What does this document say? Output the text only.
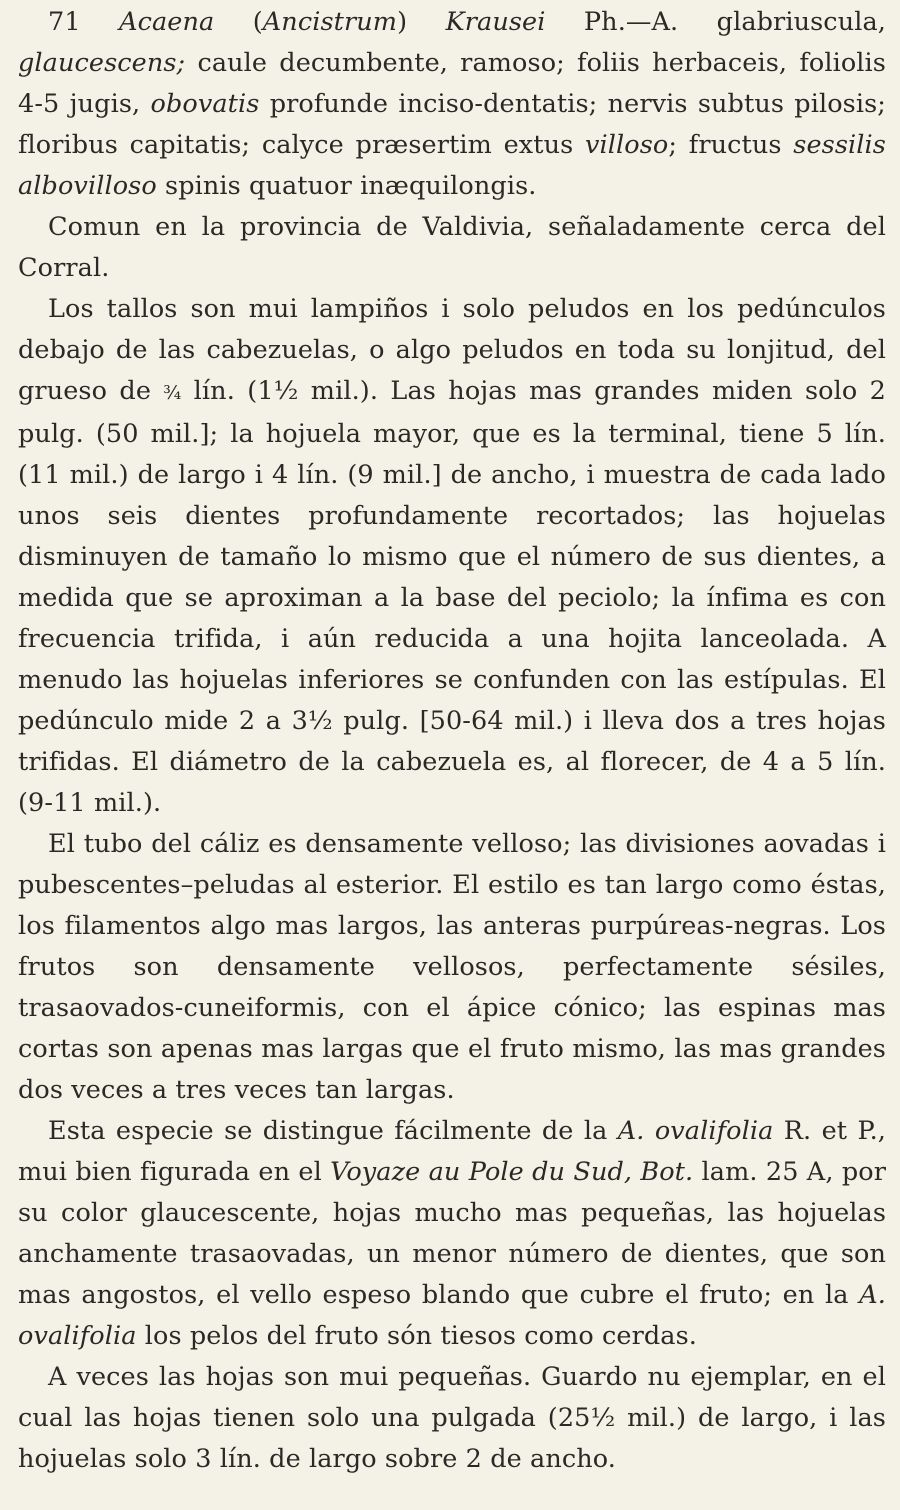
71 Acaena (Ancistrum) Krausei Ph.—A. glabriuscula, glaucescens; caule decumbente, ramoso; foliis herbaceis, foliolis 4-5 jugis, obovatis profunde inciso-dentatis; nervis subtus pilosis; floribus capitatis; calyce præsertim extus villoso; fructus sessilis albovilloso spinis quatuor inæquilongis.

Comun en la provincia de Valdivia, señaladamente cerca del Corral.

Los tallos son mui lampiños i solo peludos en los pedúnculos debajo de las cabezuelas, o algo peludos en toda su lonjitud, del grueso de ¾ lín. (1½ mil.). Las hojas mas grandes miden solo 2 pulg. (50 mil.]; la hojuela mayor, que es la terminal, tiene 5 lín. (11 mil.) de largo i 4 lín. (9 mil.] de ancho, i muestra de cada lado unos seis dientes profundamente recortados; las hojuelas disminuyen de tamaño lo mismo que el número de sus dientes, a medida que se aproximan a la base del peciolo; la ínfima es con frecuencia trifida, i aún reducida a una hojita lanceolada. A menudo las hojuelas inferiores se confunden con las estípulas. El pedúnculo mide 2 a 3½ pulg. [50-64 mil.) i lleva dos a tres hojas trifidas. El diámetro de la cabezuela es, al florecer, de 4 a 5 lín. (9-11 mil.).

El tubo del cáliz es densamente velloso; las divisiones aovadas i pubescentes–peludas al esterior. El estilo es tan largo como éstas, los filamentos algo mas largos, las anteras purpúreas-negras. Los frutos son densamente vellosos, perfectamente sésiles, trasaovados-cuneiformis, con el ápice cónico; las espinas mas cortas son apenas mas largas que el fruto mismo, las mas grandes dos veces a tres veces tan largas.

Esta especie se distingue fácilmente de la A. ovalifolia R. et P., mui bien figurada en el Voyaze au Pole du Sud, Bot. lam. 25 A, por su color glaucescente, hojas mucho mas pequeñas, las hojuelas anchamente trasaovadas, un menor número de dientes, que son mas angostos, el vello espeso blando que cubre el fruto; en la A. ovalifolia los pelos del fruto són tiesos como cerdas.

A veces las hojas son mui pequeñas. Guardo nu ejemplar, en el cual las hojas tienen solo una pulgada (25½ mil.) de largo, i las hojuelas solo 3 lín. de largo sobre 2 de ancho.
